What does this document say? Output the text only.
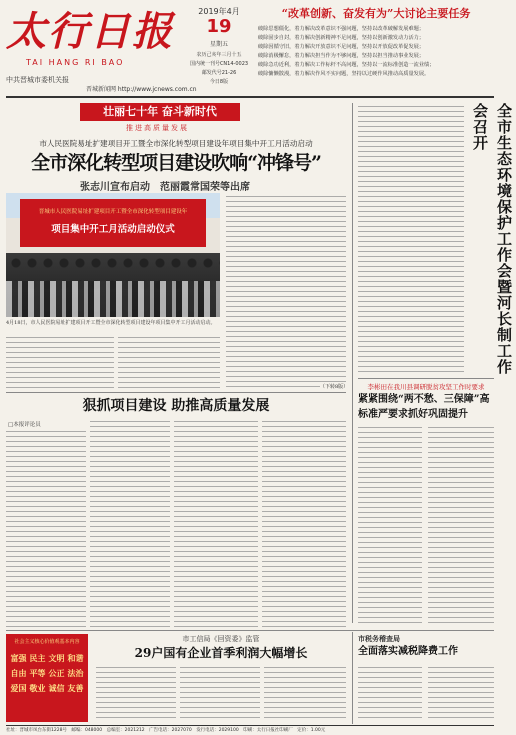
太行日报
TAI HANG RI BAO
中共晋城市委机关报
晋城新闻网 http://www.jcnews.com.cn
2019年4月
19
星期五
农历己亥年三月十五
国内统一刊号CN14-0023
邮发代号21-26
今日8版
“改革创新、奋发有为”大讨论主要任务
破除思想僵化，着力解决改革意识不强问题，坚持以改革破解发展难题；
破除固步自封，着力解决创新精神不足问题，坚持以创新激发动力活力；
破除因循守旧，着力解决开放意识不足问题，坚持以开放促改革促发展；
破除消极懈怠，着力解决担当作为不够问题，坚持以担当推动事业发展；
破除急功近利，着力解决工作标杆不高问题，坚持以一流标准创造一流业绩；
破除慵懒散漫，着力解决作风不实问题，坚持以过硬作风推动高质量发展。
壮丽七十年 奋斗新时代
推进高质量发展
市人民医院易址扩建项目开工暨全市深化转型项目建设年项目集中开工月活动启动
全市深化转型项目建设吹响“冲锋号”
张志川宣布启动　范丽霞常国荣等出席
晋城市人民医院易址扩建项目开工暨全市深化转型项目建设年
项目集中开工月活动启动仪式
4月18日，市人民医院易址扩建项目开工暨全市深化转型项目建设年项目集中开工月活动启动。
（下转8版）
狠抓项目建设 助推高质量发展
□本报评论员
全市生态环境保护工作会暨河长制工作会召开
李彬田在我川县调研脱贫攻坚工作时要求
紧紧围绕“两不愁、三保障”高标准严要求抓好巩固提升
社会主义核心价值观基本内容
富强 民主 文明 和谐
自由 平等 公正 法治
爱国 敬业 诚信 友善
市工信局《回资委》监管
29户国有企业首季利润大幅增长
市税务稽查局
全面落实减税降费工作
社址：晋城市凤台东街1228号　邮编：048000　总编室：2021212　广告电话：2027070　发行电话：2029100　印刷：太行日报社印刷厂　定价：1.00元
